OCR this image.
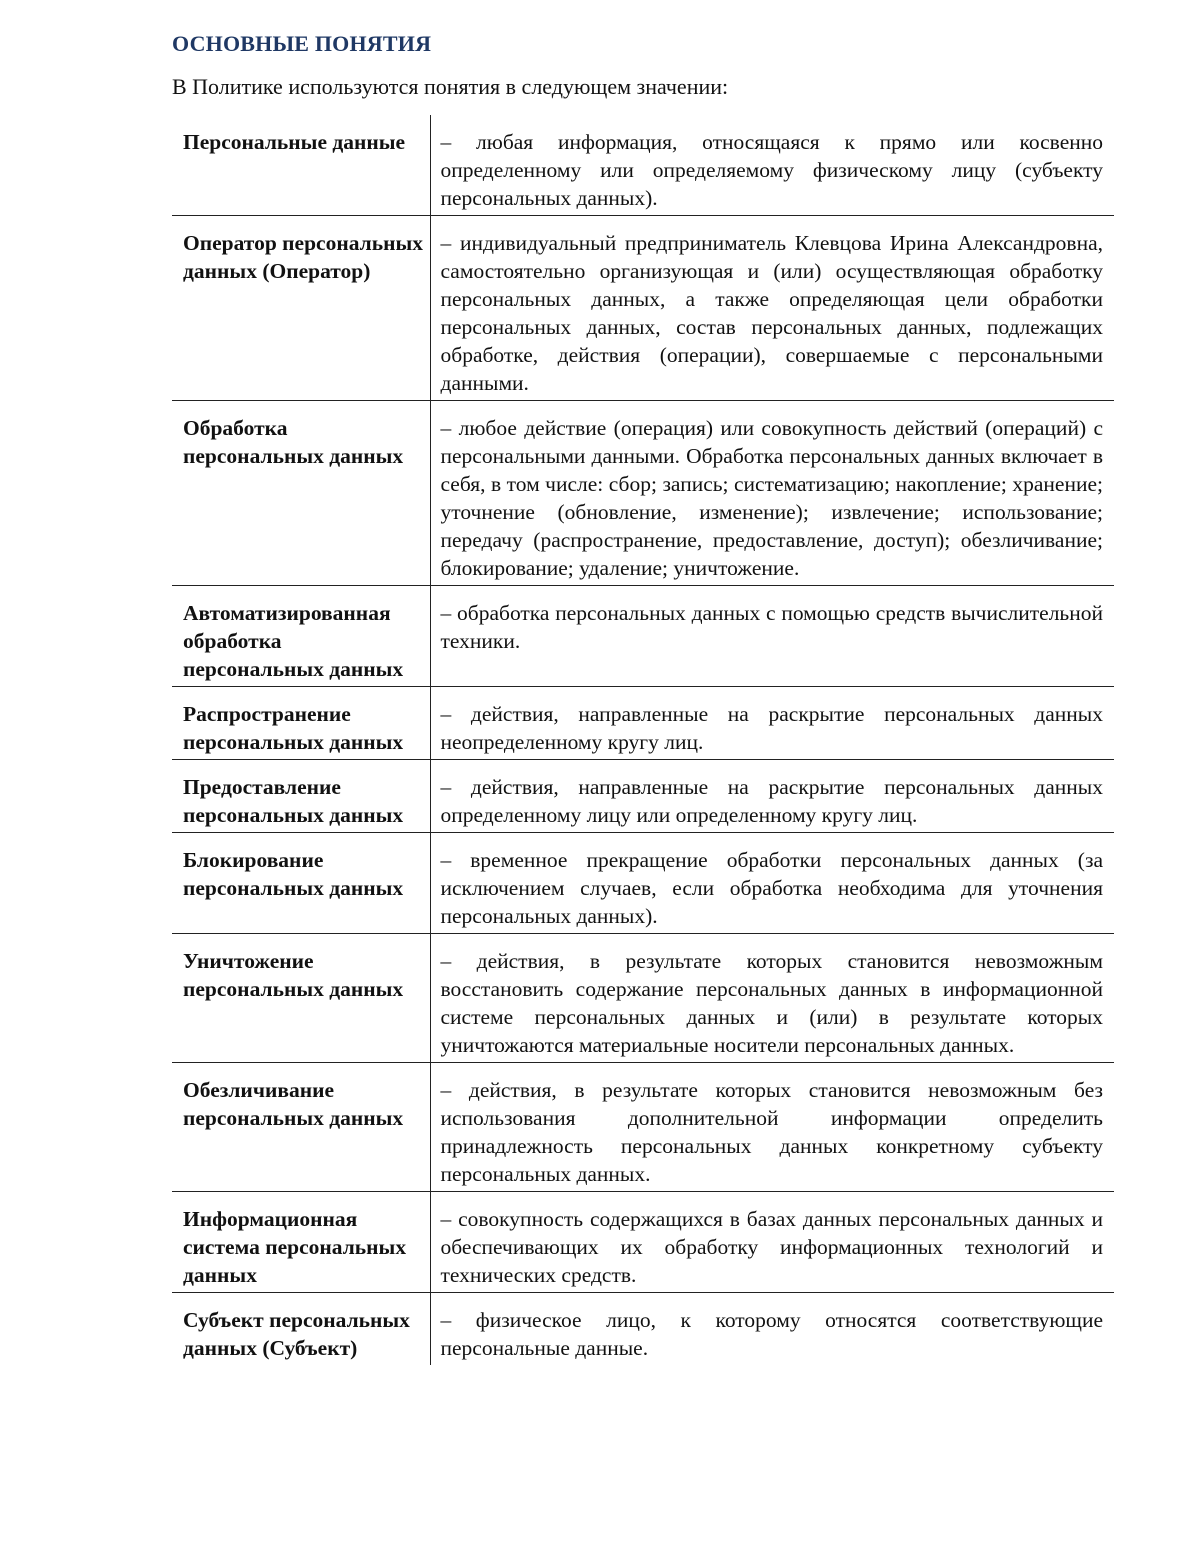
ОСНОВНЫЕ ПОНЯТИЯ
В Политике используются понятия в следующем значении:
Персональные данные	– любая информация, относящаяся к прямо или косвенно определенному или определяемому физическому лицу (субъекту персональных данных).
Оператор персональных данных (Оператор)	– индивидуальный предприниматель Клевцова Ирина Александровна, самостоятельно организующая и (или) осуществляющая обработку персональных данных, а также определяющая цели обработки персональных данных, состав персональных данных, подлежащих обработке, действия (операции), совершаемые с персональными данными.
Обработка персональных данных	– любое действие (операция) или совокупность действий (операций) с персональными данными. Обработка персональных данных включает в себя, в том числе: сбор; запись; систематизацию; накопление; хранение; уточнение (обновление, изменение); извлечение; использование; передачу (распространение, предоставление, доступ); обезличивание; блокирование; удаление; уничтожение.
Автоматизированная обработка персональных данных	– обработка персональных данных с помощью средств вычислительной техники.
Распространение персональных данных	– действия, направленные на раскрытие персональных данных неопределенному кругу лиц.
Предоставление персональных данных	– действия, направленные на раскрытие персональных данных определенному лицу или определенному кругу лиц.
Блокирование персональных данных	– временное прекращение обработки персональных данных (за исключением случаев, если обработка необходима для уточнения персональных данных).
Уничтожение персональных данных	– действия, в результате которых становится невозможным восстановить содержание персональных данных в информационной системе персональных данных и (или) в результате которых уничтожаются материальные носители персональных данных.
Обезличивание персональных данных	– действия, в результате которых становится невозможным без использования дополнительной информации определить принадлежность персональных данных конкретному субъекту персональных данных.
Информационная система персональных данных	– совокупность содержащихся в базах данных персональных данных и обеспечивающих их обработку информационных технологий и технических средств.
Субъект персональных данных (Субъект)	– физическое лицо, к которому относятся соответствующие персональные данные.
